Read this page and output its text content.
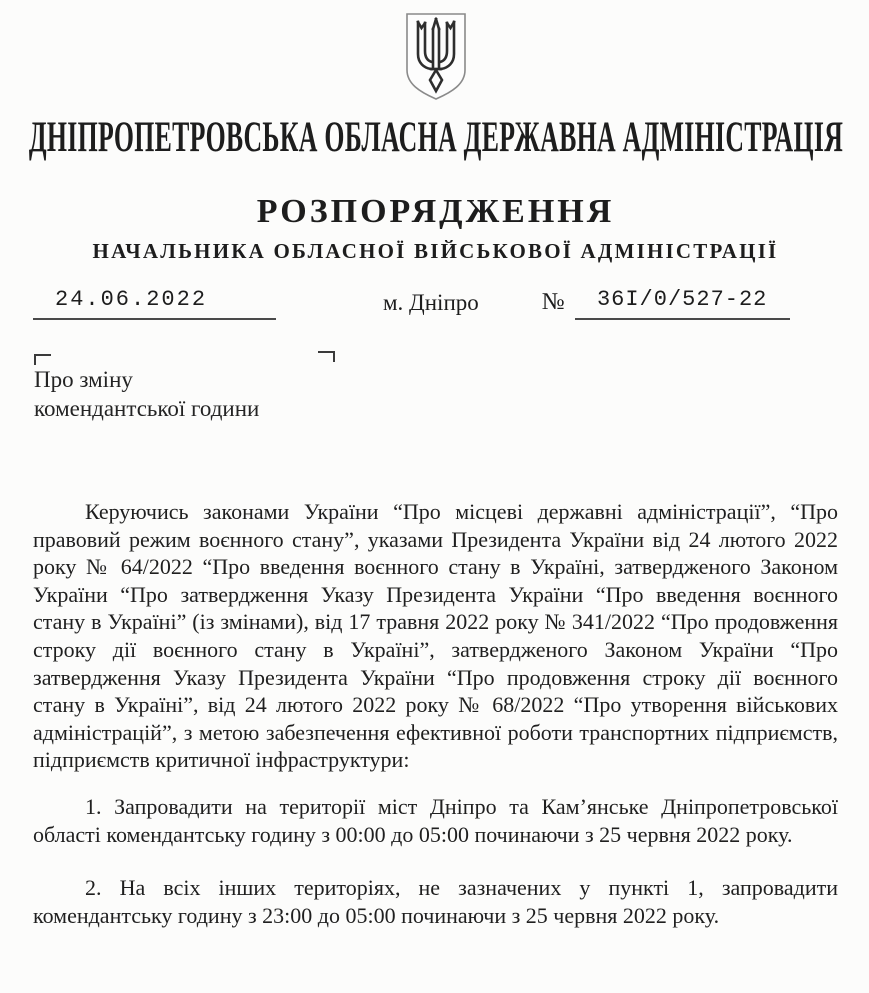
ДНІПРОПЕТРОВСЬКА ОБЛАСНА ДЕРЖАВНА АДМІНІСТРАЦІЯ
РОЗПОРЯДЖЕННЯ
НАЧАЛЬНИКА ОБЛАСНОЇ ВІЙСЬКОВОЇ АДМІНІСТРАЦІЇ
24.06.2022	м. Дніпро	№	36І/0/527-22
Про зміну
комендантської години

Керуючись законами України “Про місцеві державні адміністрації”, “Про правовий режим воєнного стану”, указами Президента України від 24 лютого 2022 року № 64/2022 “Про введення воєнного стану в Україні, затвердженого Законом України “Про затвердження Указу Президента України “Про введення воєнного стану в Україні” (із змінами), від 17 травня 2022 року № 341/2022 “Про продовження строку дії воєнного стану в Україні”, затвердженого Законом України “Про затвердження Указу Президента України “Про продовження строку дії воєнного стану в Україні”, від 24 лютого 2022 року № 68/2022 “Про утворення військових адміністрацій”, з метою забезпечення ефективної роботи транспортних підприємств, підприємств критичної інфраструктури:

1. Запровадити на території міст Дніпро та Кам’янське Дніпропетровської області комендантську годину з 00:00 до 05:00 починаючи з 25 червня 2022 року.

2. На всіх інших територіях, не зазначених у пункті 1, запровадити комендантську годину з 23:00 до 05:00 починаючи з 25 червня 2022 року.
